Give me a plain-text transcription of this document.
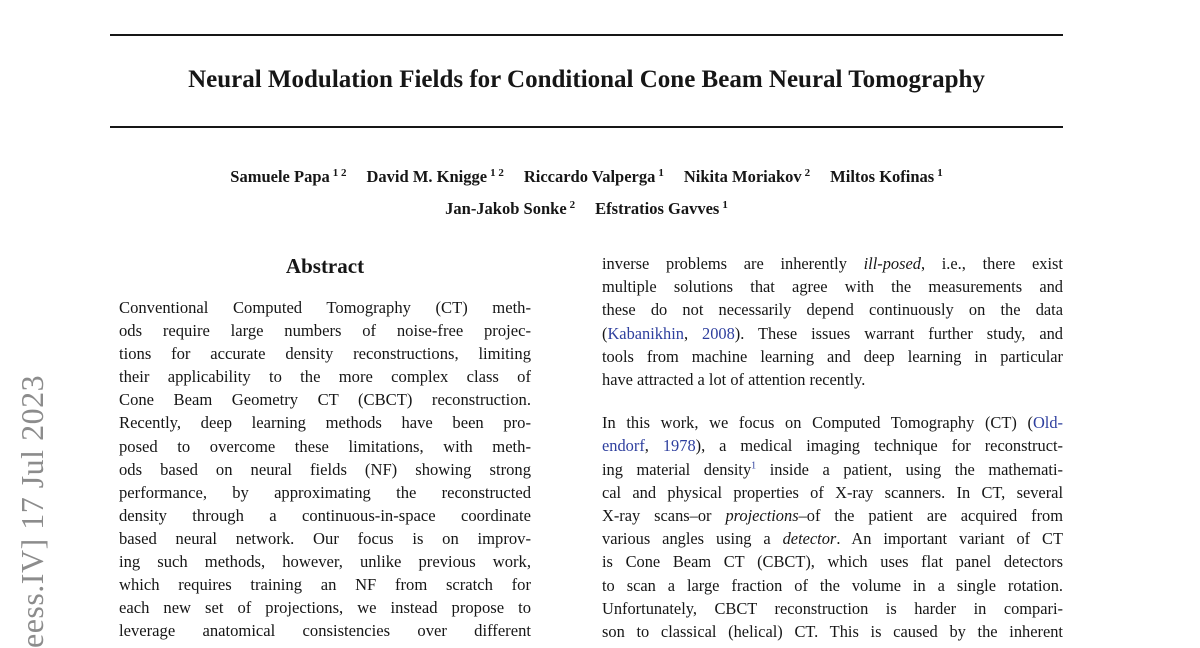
eess.IV] 17 Jul 2023
Neural Modulation Fields for Conditional Cone Beam Neural Tomography
Samuele Papa $^{1 2}$ David M. Knigge $^{1 2}$ Riccardo Valperga $^1$ Nikita Moriakov $^2$ Miltos Kofinas $^1$
Jan-Jakob Sonke $^2$ Efstratios Gavves $^1$
Abstract
Conventional Computed Tomography (CT) meth-
ods require large numbers of noise-free projec-
tions for accurate density reconstructions, limiting
their applicability to the more complex class of
Cone Beam Geometry CT (CBCT) reconstruction.
Recently, deep learning methods have been pro-
posed to overcome these limitations, with meth-
ods based on neural fields (NF) showing strong
performance, by approximating the reconstructed
density through a continuous-in-space coordinate
based neural network. Our focus is on improv-
ing such methods, however, unlike previous work,
which requires training an NF from scratch for
each new set of projections, we instead propose to
leverage anatomical consistencies over different
inverse problems are inherently ill-posed, i.e., there exist
multiple solutions that agree with the measurements and
these do not necessarily depend continuously on the data
(Kabanikhin, 2008). These issues warrant further study, and
tools from machine learning and deep learning in particular
have attracted a lot of attention recently.
In this work, we focus on Computed Tomography (CT) (Old-
endorf, 1978), a medical imaging technique for reconstruct-
ing material density$^1$ inside a patient, using the mathemati-
cal and physical properties of X-ray scanners. In CT, several
X-ray scans–or projections–of the patient are acquired from
various angles using a detector. An important variant of CT
is Cone Beam CT (CBCT), which uses flat panel detectors
to scan a large fraction of the volume in a single rotation.
Unfortunately, CBCT reconstruction is harder in compari-
son to classical (helical) CT. This is caused by the inherent
